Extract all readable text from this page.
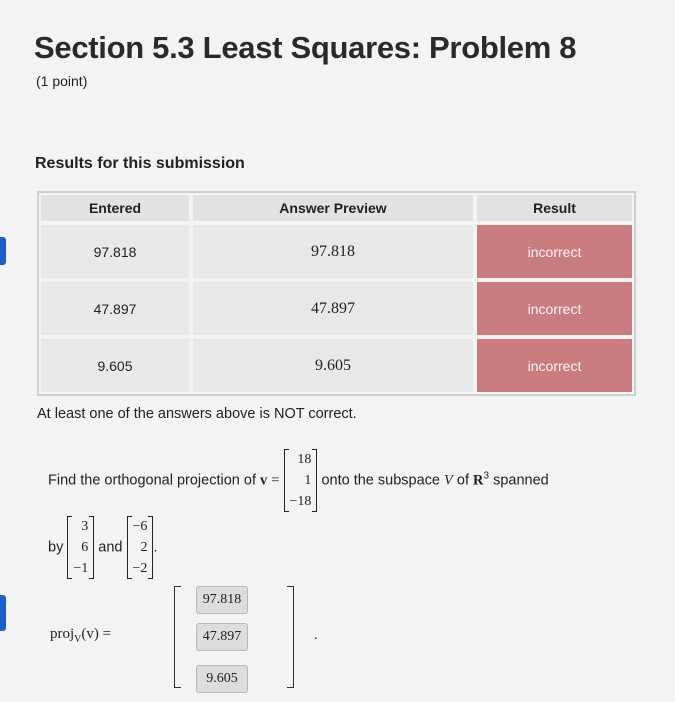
Section 5.3 Least Squares: Problem 8
(1 point)
Results for this submission
Entered	Answer Preview	Result
97.818	97.818	incorrect
47.897	47.897	incorrect
9.605	9.605	incorrect
At least one of the answers above is NOT correct.
Find the orthogonal projection of v =
18
1
−18
onto the subspace V of $R^3$ spanned
by
3
6
−1
and
−6
2
−2
.
proj$_V$(v) =
97.818
47.897
9.605
.
